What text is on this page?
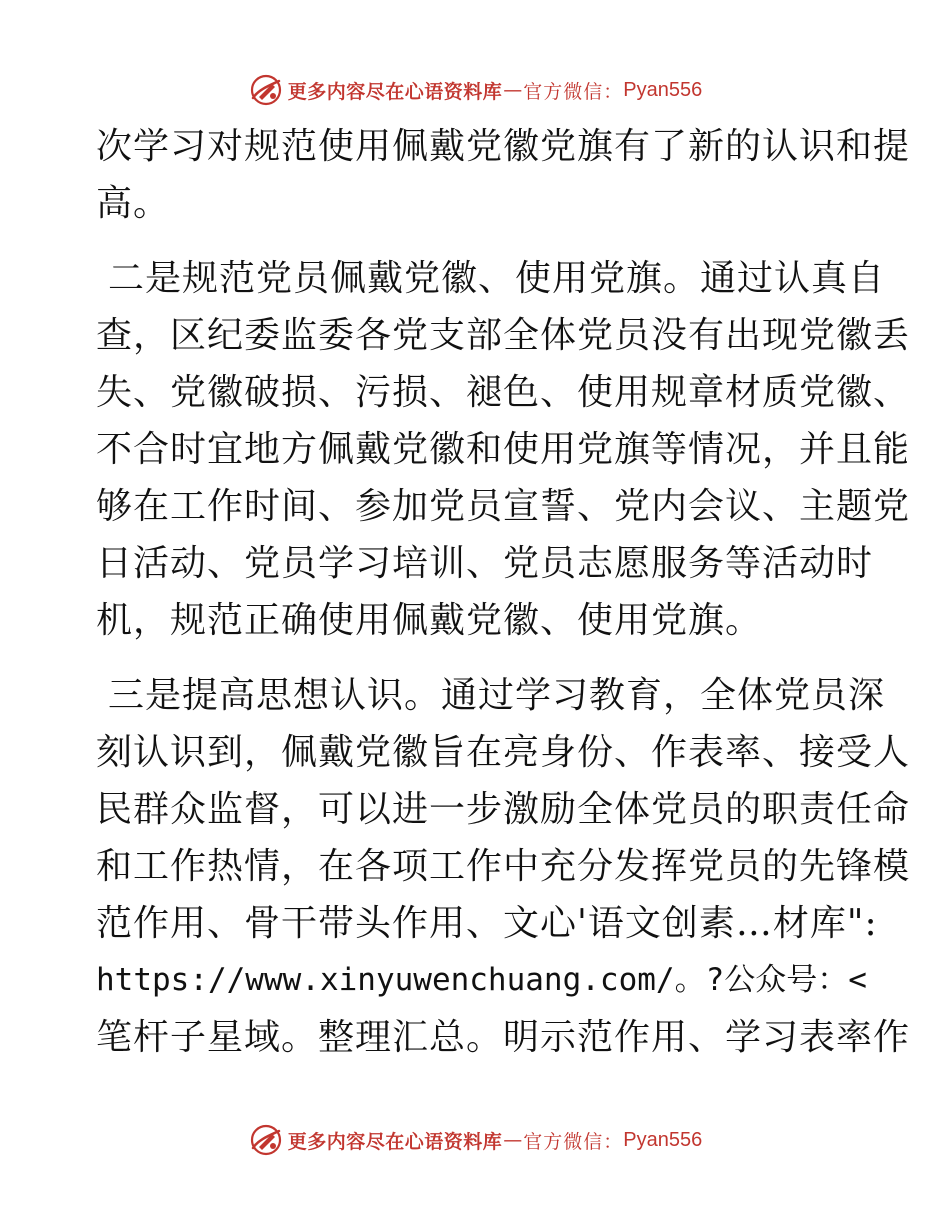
更多内容尽在心语资料库 — 官方微信： Pyan556
次学习对规范使用佩戴党徽党旗有了新的认识和提
高。
二是规范党员佩戴党徽、使用党旗。通过认真自
查，区纪委监委各党支部全体党员没有出现党徽丢
失、党徽破损、污损、褪色、使用规章材质党徽、
不合时宜地方佩戴党徽和使用党旗等情况，并且能
够在工作时间、参加党员宣誓、党内会议、主题党
日活动、党员学习培训、党员志愿服务等活动时
机，规范正确使用佩戴党徽、使用党旗。
三是提高思想认识。通过学习教育，全体党员深
刻认识到，佩戴党徽旨在亮身份、作表率、接受人
民群众监督，可以进一步激励全体党员的职责任命
和工作热情，在各项工作中充分发挥党员的先锋模
范作用、骨干带头作用、文心'语文创素…材库":
https://www.xinyuwenchuang.com/。?公众号：<
笔杆子星域。整理汇总。明示范作用、学习表率作
更多内容尽在心语资料库 — 官方微信： Pyan556
